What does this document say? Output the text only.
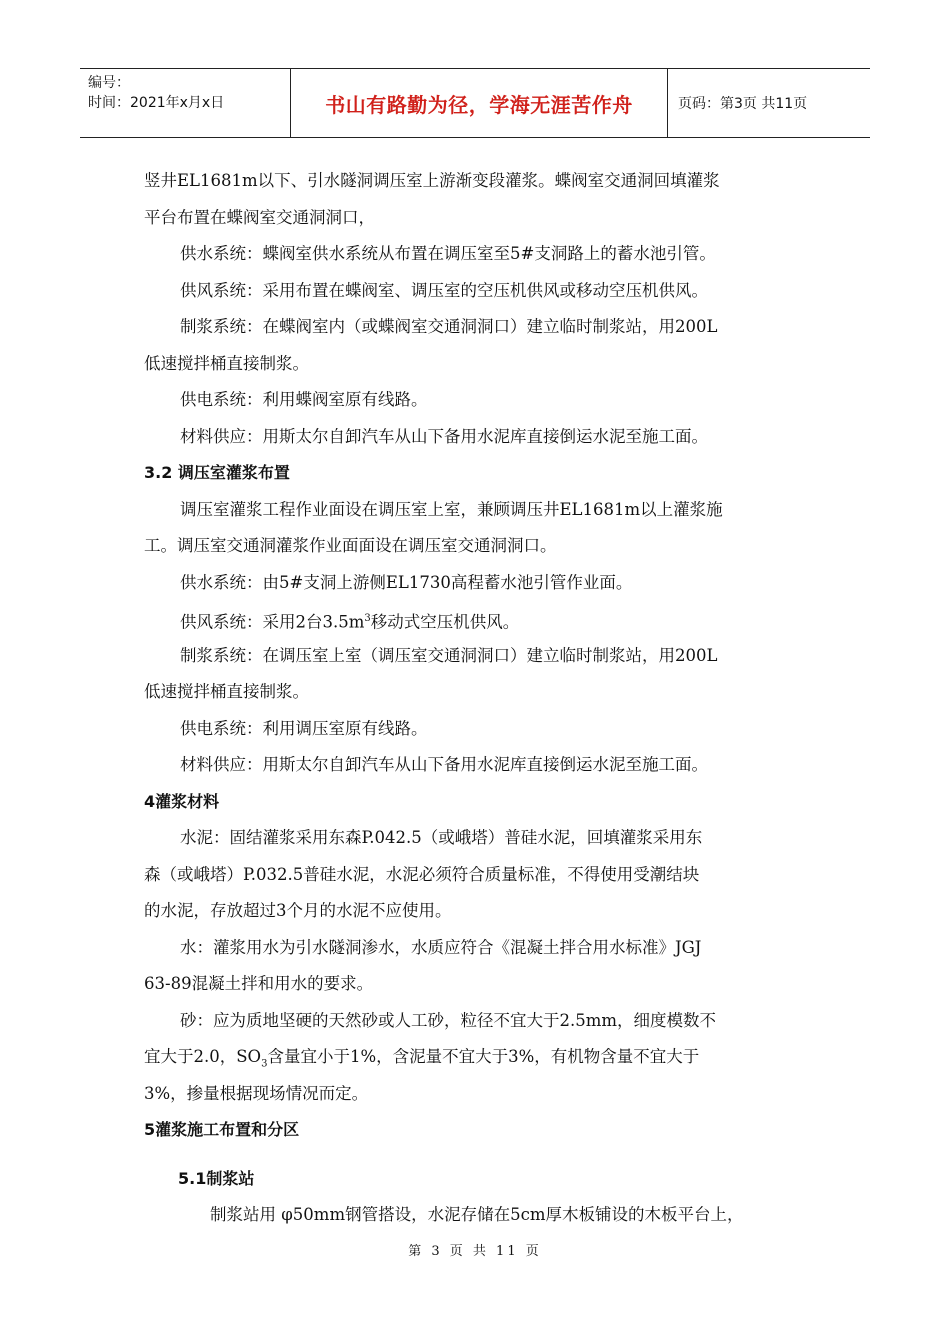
编号：
时间：2021年x月x日	书山有路勤为径，学海无涯苦作舟	页码：第3页 共11页
竖井EL1681m以下、引水隧洞调压室上游渐变段灌浆。蝶阀室交通洞回填灌浆
平台布置在蝶阀室交通洞洞口，
供水系统：蝶阀室供水系统从布置在调压室至5#支洞路上的蓄水池引管。
供风系统：采用布置在蝶阀室、调压室的空压机供风或移动空压机供风。
制浆系统：在蝶阀室内（或蝶阀室交通洞洞口）建立临时制浆站，用200L
低速搅拌桶直接制浆。
供电系统：利用蝶阀室原有线路。
材料供应：用斯太尔自卸汽车从山下备用水泥库直接倒运水泥至施工面。
3.2 调压室灌浆布置
调压室灌浆工程作业面设在调压室上室，兼顾调压井EL1681m以上灌浆施
工。调压室交通洞灌浆作业面面设在调压室交通洞洞口。
供水系统：由5#支洞上游侧EL1730高程蓄水池引管作业面。
供风系统：采用2台$3.5m^3$移动式空压机供风。
制浆系统：在调压室上室（调压室交通洞洞口）建立临时制浆站，用200L
低速搅拌桶直接制浆。
供电系统：利用调压室原有线路。
材料供应：用斯太尔自卸汽车从山下备用水泥库直接倒运水泥至施工面。
4灌浆材料
水泥：固结灌浆采用东森P.042.5（或峨塔）普硅水泥，回填灌浆采用东
森（或峨塔）P.032.5普硅水泥，水泥必须符合质量标准，不得使用受潮结块
的水泥，存放超过3个月的水泥不应使用。
水：灌浆用水为引水隧洞渗水，水质应符合《混凝土拌合用水标准》JGJ
63-89混凝土拌和用水的要求。
砂：应为质地坚硬的天然砂或人工砂，粒径不宜大于2.5mm，细度模数不
宜大于2.0，$SO_3$含量宜小于1%，含泥量不宜大于3%，有机物含量不宜大于
3%，掺量根据现场情况而定。
5灌浆施工布置和分区
5.1制浆站
制浆站用 φ50mm钢管搭设，水泥存储在5cm厚木板铺设的木板平台上，
第 3 页 共 11 页
